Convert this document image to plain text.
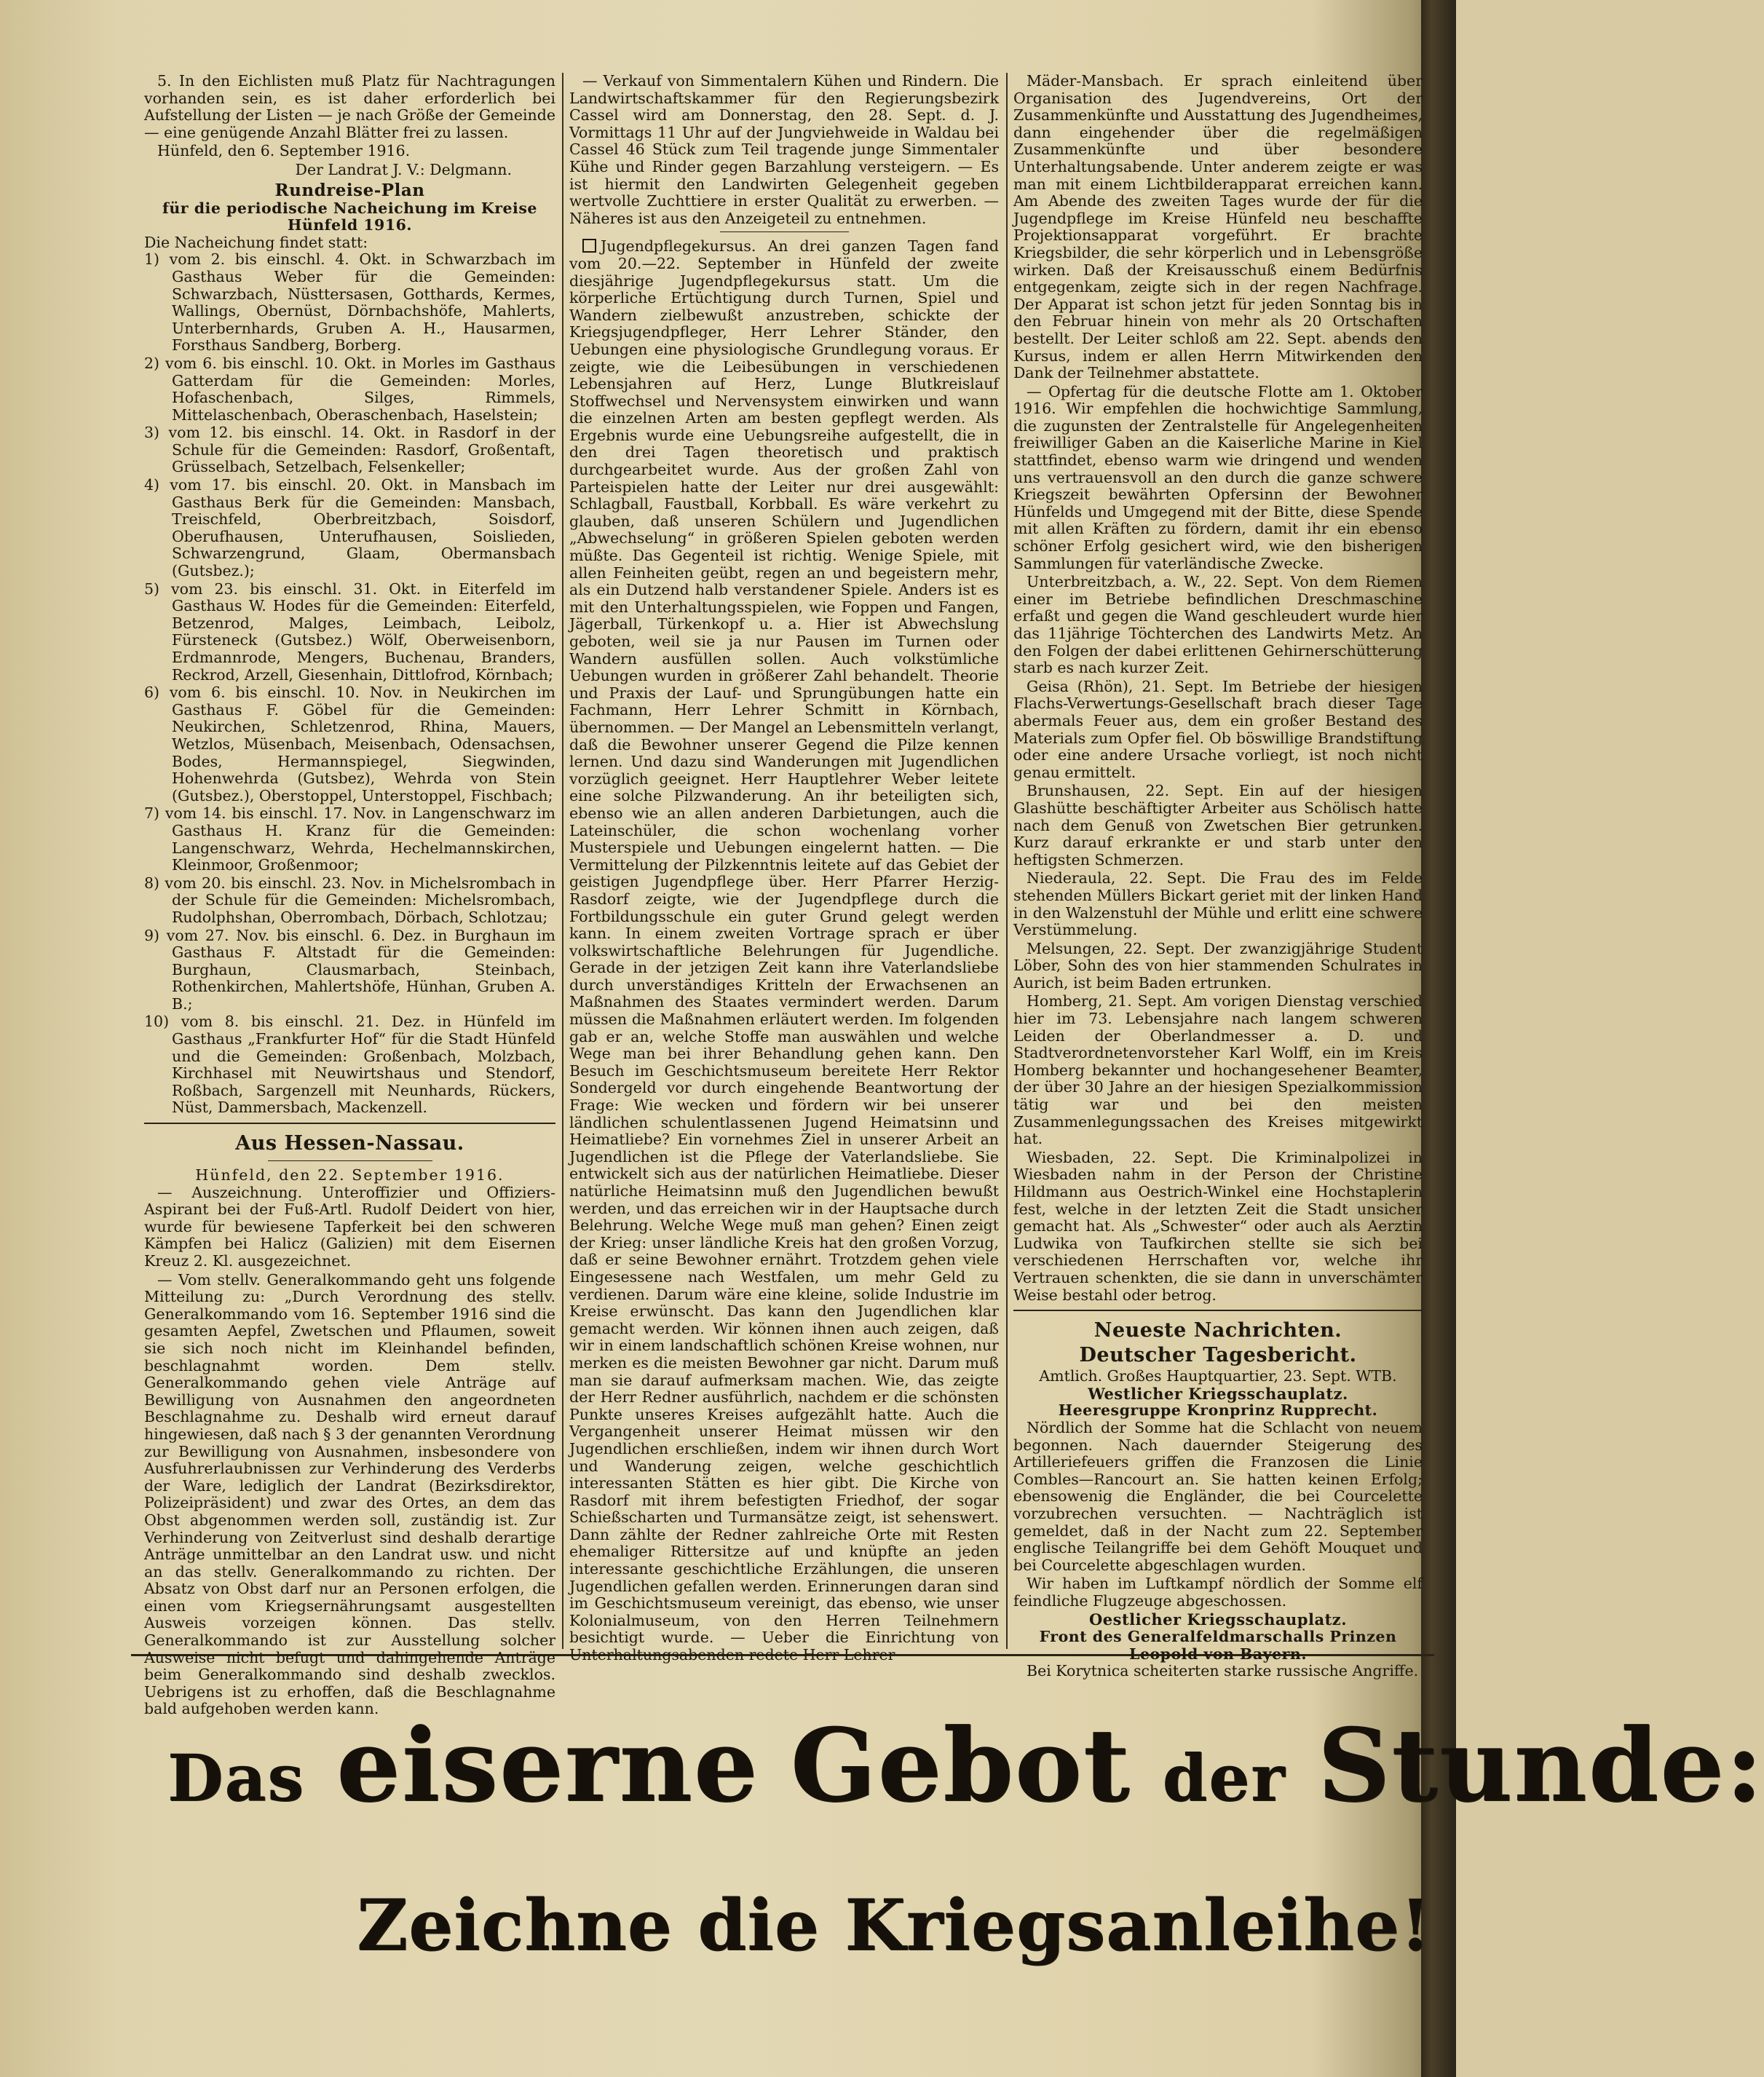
5. In den Eichlisten muß Platz für Nachtragungen vorhanden sein, es ist daher erforderlich bei Aufstellung der Listen — je nach Größe der Gemeinde — eine genügende Anzahl Blätter frei zu lassen.

Hünfeld, den 6. September 1916.

Der Landrat J. V.: Delgmann.

Rundreise-Plan
für die periodische Nacheichung im Kreise Hünfeld 1916.
Die Nacheichung findet statt:
1) vom 2. bis einschl. 4. Okt. in Schwarzbach im Gasthaus Weber für die Gemeinden: Schwarzbach, Nüsttersasen, Gotthards, Kermes, Wallings, Obernüst, Dörnbachshöfe, Mahlerts, Unterbernhards, Gruben A. H., Hausarmen, Forsthaus Sandberg, Borberg.
2) vom 6. bis einschl. 10. Okt. in Morles im Gasthaus Gatterdam für die Gemeinden: Morles, Hofaschenbach, Silges, Rimmels, Mittelaschenbach, Oberaschenbach, Haselstein;
3) vom 12. bis einschl. 14. Okt. in Rasdorf in der Schule für die Gemeinden: Rasdorf, Großentaft, Grüsselbach, Setzelbach, Felsenkeller;
4) vom 17. bis einschl. 20. Okt. in Mansbach im Gasthaus Berk für die Gemeinden: Mansbach, Treischfeld, Oberbreitzbach, Soisdorf, Oberufhausen, Unterufhausen, Soislieden, Schwarzengrund, Glaam, Obermansbach (Gutsbez.);
5) vom 23. bis einschl. 31. Okt. in Eiterfeld im Gasthaus W. Hodes für die Gemeinden: Eiterfeld, Betzenrod, Malges, Leimbach, Leibolz, Fürsteneck (Gutsbez.) Wölf, Oberweisenborn, Erdmannrode, Mengers, Buchenau, Branders, Reckrod, Arzell, Giesenhain, Dittlofrod, Körnbach;
6) vom 6. bis einschl. 10. Nov. in Neukirchen im Gasthaus F. Göbel für die Gemeinden: Neukirchen, Schletzenrod, Rhina, Mauers, Wetzlos, Müsenbach, Meisenbach, Odensachsen, Bodes, Hermannspiegel, Siegwinden, Hohenwehrda (Gutsbez), Wehrda von Stein (Gutsbez.), Oberstoppel, Unterstoppel, Fischbach;
7) vom 14. bis einschl. 17. Nov. in Langenschwarz im Gasthaus H. Kranz für die Gemeinden: Langenschwarz, Wehrda, Hechelmannskirchen, Kleinmoor, Großenmoor;
8) vom 20. bis einschl. 23. Nov. in Michelsrombach in der Schule für die Gemeinden: Michelsrombach, Rudolphshan, Oberrombach, Dörbach, Schlotzau;
9) vom 27. Nov. bis einschl. 6. Dez. in Burghaun im Gasthaus F. Altstadt für die Gemeinden: Burghaun, Clausmarbach, Steinbach, Rothenkirchen, Mahlertshöfe, Hünhan, Gruben A. B.;
10) vom 8. bis einschl. 21. Dez. in Hünfeld im Gasthaus „Frankfurter Hof“ für die Stadt Hünfeld und die Gemeinden: Großenbach, Molzbach, Kirchhasel mit Neuwirtshaus und Stendorf, Roßbach, Sargenzell mit Neunhards, Rückers, Nüst, Dammersbach, Mackenzell.
Aus Hessen-Nassau.
Hünfeld, den 22. September 1916.

— Auszeichnung. Unteroffizier und Offiziers-Aspirant bei der Fuß-Artl. Rudolf Deidert von hier, wurde für bewiesene Tapferkeit bei den schweren Kämpfen bei Halicz (Galizien) mit dem Eisernen Kreuz 2. Kl. ausgezeichnet.

— Vom stellv. Generalkommando geht uns folgende Mitteilung zu: „Durch Verordnung des stellv. Generalkommando vom 16. September 1916 sind die gesamten Aepfel, Zwetschen und Pflaumen, soweit sie sich noch nicht im Kleinhandel befinden, beschlagnahmt worden. Dem stellv. Generalkommando gehen viele Anträge auf Bewilligung von Ausnahmen den angeordneten Beschlagnahme zu. Deshalb wird erneut darauf hingewiesen, daß nach § 3 der genannten Verordnung zur Bewilligung von Ausnahmen, insbesondere von Ausfuhrerlaubnissen zur Verhinderung des Verderbs der Ware, lediglich der Landrat (Bezirksdirektor, Polizeipräsident) und zwar des Ortes, an dem das Obst abgenommen werden soll, zuständig ist. Zur Verhinderung von Zeitverlust sind deshalb derartige Anträge unmittelbar an den Landrat usw. und nicht an das stellv. Generalkommando zu richten. Der Absatz von Obst darf nur an Personen erfolgen, die einen vom Kriegsernährungsamt ausgestellten Ausweis vorzeigen können. Das stellv. Generalkommando ist zur Ausstellung solcher Ausweise nicht befugt und dahingehende Anträge beim Generalkommando sind deshalb zwecklos. Uebrigens ist zu erhoffen, daß die Beschlagnahme bald aufgehoben werden kann.

— Verkauf von Simmentalern Kühen und Rindern. Die Landwirtschaftskammer für den Regierungsbezirk Cassel wird am Donnerstag, den 28. Sept. d. J. Vormittags 11 Uhr auf der Jungviehweide in Waldau bei Cassel 46 Stück zum Teil tragende junge Simmentaler Kühe und Rinder gegen Barzahlung versteigern. — Es ist hiermit den Landwirten Gelegenheit gegeben wertvolle Zuchttiere in erster Qualität zu erwerben. — Näheres ist aus den Anzeigeteil zu entnehmen.

Jugendpflegekursus. An drei ganzen Tagen fand vom 20.—22. September in Hünfeld der zweite diesjährige Jugendpflegekursus statt. Um die körperliche Ertüchtigung durch Turnen, Spiel und Wandern zielbewußt anzustreben, schickte der Kriegsjugendpfleger, Herr Lehrer Ständer, den Uebungen eine physiologische Grundlegung voraus. Er zeigte, wie die Leibesübungen in verschiedenen Lebensjahren auf Herz, Lunge Blutkreislauf Stoffwechsel und Nervensystem einwirken und wann die einzelnen Arten am besten gepflegt werden. Als Ergebnis wurde eine Uebungsreihe aufgestellt, die in den drei Tagen theoretisch und praktisch durchgearbeitet wurde. Aus der großen Zahl von Parteispielen hatte der Leiter nur drei ausgewählt: Schlagball, Faustball, Korbball. Es wäre verkehrt zu glauben, daß unseren Schülern und Jugendlichen „Abwechselung“ in größeren Spielen geboten werden müßte. Das Gegenteil ist richtig. Wenige Spiele, mit allen Feinheiten geübt, regen an und begeistern mehr, als ein Dutzend halb verstandener Spiele. Anders ist es mit den Unterhaltungsspielen, wie Foppen und Fangen, Jägerball, Türkenkopf u. a. Hier ist Abwechslung geboten, weil sie ja nur Pausen im Turnen oder Wandern ausfüllen sollen. Auch volkstümliche Uebungen wurden in größerer Zahl behandelt. Theorie und Praxis der Lauf- und Sprungübungen hatte ein Fachmann, Herr Lehrer Schmitt in Körnbach, übernommen. — Der Mangel an Lebensmitteln verlangt, daß die Bewohner unserer Gegend die Pilze kennen lernen. Und dazu sind Wanderungen mit Jugendlichen vorzüglich geeignet. Herr Hauptlehrer Weber leitete eine solche Pilzwanderung. An ihr beteiligten sich, ebenso wie an allen anderen Darbietungen, auch die Lateinschüler, die schon wochenlang vorher Musterspiele und Uebungen eingelernt hatten. — Die Vermittelung der Pilzkenntnis leitete auf das Gebiet der geistigen Jugendpflege über. Herr Pfarrer Herzig-Rasdorf zeigte, wie der Jugendpflege durch die Fortbildungsschule ein guter Grund gelegt werden kann. In einem zweiten Vortrage sprach er über volkswirtschaftliche Belehrungen für Jugendliche. Gerade in der jetzigen Zeit kann ihre Vaterlandsliebe durch unverständiges Kritteln der Erwachsenen an Maßnahmen des Staates vermindert werden. Darum müssen die Maßnahmen erläutert werden. Im folgenden gab er an, welche Stoffe man auswählen und welche Wege man bei ihrer Behandlung gehen kann. Den Besuch im Geschichtsmuseum bereitete Herr Rektor Sondergeld vor durch eingehende Beantwortung der Frage: Wie wecken und fördern wir bei unserer ländlichen schulentlassenen Jugend Heimatsinn und Heimatliebe? Ein vornehmes Ziel in unserer Arbeit an Jugendlichen ist die Pflege der Vaterlandsliebe. Sie entwickelt sich aus der natürlichen Heimatliebe. Dieser natürliche Heimatsinn muß den Jugendlichen bewußt werden, und das erreichen wir in der Hauptsache durch Belehrung. Welche Wege muß man gehen? Einen zeigt der Krieg: unser ländliche Kreis hat den großen Vorzug, daß er seine Bewohner ernährt. Trotzdem gehen viele Eingesessene nach Westfalen, um mehr Geld zu verdienen. Darum wäre eine kleine, solide Industrie im Kreise erwünscht. Das kann den Jugendlichen klar gemacht werden. Wir können ihnen auch zeigen, daß wir in einem landschaftlich schönen Kreise wohnen, nur merken es die meisten Bewohner gar nicht. Darum muß man sie darauf aufmerksam machen. Wie, das zeigte der Herr Redner ausführlich, nachdem er die schönsten Punkte unseres Kreises aufgezählt hatte. Auch die Vergangenheit unserer Heimat müssen wir den Jugendlichen erschließen, indem wir ihnen durch Wort und Wanderung zeigen, welche geschichtlich interessanten Stätten es hier gibt. Die Kirche von Rasdorf mit ihrem befestigten Friedhof, der sogar Schießscharten und Turmansätze zeigt, ist sehenswert. Dann zählte der Redner zahlreiche Orte mit Resten ehemaliger Rittersitze auf und knüpfte an jeden interessante geschichtliche Erzählungen, die unseren Jugendlichen gefallen werden. Erinnerungen daran sind im Geschichtsmuseum vereinigt, das ebenso, wie unser Kolonialmuseum, von den Herren Teilnehmern besichtigt wurde. — Ueber die Einrichtung von Unterhaltungsabenden redete Herr Lehrer

Mäder-Mansbach. Er sprach einleitend über Organisation des Jugendvereins, Ort der Zusammenkünfte und Ausstattung des Jugendheimes, dann eingehender über die regelmäßigen Zusammenkünfte und über besondere Unterhaltungsabende. Unter anderem zeigte er was man mit einem Lichtbilderapparat erreichen kann. Am Abende des zweiten Tages wurde der für die Jugendpflege im Kreise Hünfeld neu beschaffte Projektionsapparat vorgeführt. Er brachte Kriegsbilder, die sehr körperlich und in Lebensgröße wirken. Daß der Kreisausschuß einem Bedürfnis entgegenkam, zeigte sich in der regen Nachfrage. Der Apparat ist schon jetzt für jeden Sonntag bis in den Februar hinein von mehr als 20 Ortschaften bestellt. Der Leiter schloß am 22. Sept. abends den Kursus, indem er allen Herrn Mitwirkenden den Dank der Teilnehmer abstattete.

— Opfertag für die deutsche Flotte am 1. Oktober 1916. Wir empfehlen die hochwichtige Sammlung, die zugunsten der Zentralstelle für Angelegenheiten freiwilliger Gaben an die Kaiserliche Marine in Kiel stattfindet, ebenso warm wie dringend und wenden uns vertrauensvoll an den durch die ganze schwere Kriegszeit bewährten Opfersinn der Bewohner Hünfelds und Umgegend mit der Bitte, diese Spende mit allen Kräften zu fördern, damit ihr ein ebenso schöner Erfolg gesichert wird, wie den bisherigen Sammlungen für vaterländische Zwecke.

Unterbreitzbach, a. W., 22. Sept. Von dem Riemen einer im Betriebe befindlichen Dreschmaschine erfaßt und gegen die Wand geschleudert wurde hier das 11jährige Töchterchen des Landwirts Metz. An den Folgen der dabei erlittenen Gehirnerschütterung starb es nach kurzer Zeit.

Geisa (Rhön), 21. Sept. Im Betriebe der hiesigen Flachs-Verwertungs-Gesellschaft brach dieser Tage abermals Feuer aus, dem ein großer Bestand des Materials zum Opfer fiel. Ob böswillige Brandstiftung oder eine andere Ursache vorliegt, ist noch nicht genau ermittelt.

Brunshausen, 22. Sept. Ein auf der hiesigen Glashütte beschäftigter Arbeiter aus Schölisch hatte nach dem Genuß von Zwetschen Bier getrunken. Kurz darauf erkrankte er und starb unter den heftigsten Schmerzen.

Niederaula, 22. Sept. Die Frau des im Felde stehenden Müllers Bickart geriet mit der linken Hand in den Walzenstuhl der Mühle und erlitt eine schwere Verstümmelung.

Melsungen, 22. Sept. Der zwanzigjährige Student Löber, Sohn des von hier stammenden Schulrates in Aurich, ist beim Baden ertrunken.

Homberg, 21. Sept. Am vorigen Dienstag verschied hier im 73. Lebensjahre nach langem schweren Leiden der Oberlandmesser a. D. und Stadtverordnetenvorsteher Karl Wolff, ein im Kreis Homberg bekannter und hochangesehener Beamter, der über 30 Jahre an der hiesigen Spezialkommission tätig war und bei den meisten Zusammenlegungssachen des Kreises mitgewirkt hat.

Wiesbaden, 22. Sept. Die Kriminalpolizei in Wiesbaden nahm in der Person der Christine Hildmann aus Oestrich-Winkel eine Hochstaplerin fest, welche in der letzten Zeit die Stadt unsicher gemacht hat. Als „Schwester“ oder auch als Aerztin Ludwika von Taufkirchen stellte sie sich bei verschiedenen Herrschaften vor, welche ihr Vertrauen schenkten, die sie dann in unverschämter Weise bestahl oder betrog.

Neueste Nachrichten.
Deutscher Tagesbericht.
Amtlich. Großes Hauptquartier, 23. Sept. WTB.
Westlicher Kriegsschauplatz.
Heeresgruppe Kronprinz Rupprecht.

Nördlich der Somme hat die Schlacht von neuem begonnen. Nach dauernder Steigerung des Artilleriefeuers griffen die Franzosen die Linie Combles—Rancourt an. Sie hatten keinen Erfolg; ebensowenig die Engländer, die bei Courcelette vorzubrechen versuchten. — Nachträglich ist gemeldet, daß in der Nacht zum 22. September englische Teilangriffe bei dem Gehöft Mouquet und bei Courcelette abgeschlagen wurden.

Wir haben im Luftkampf nördlich der Somme elf feindliche Flugzeuge abgeschossen.

Oestlicher Kriegsschauplatz.
Front des Generalfeldmarschalls Prinzen Leopold von Bayern.

Bei Korytnica scheiterten starke russische Angriffe.

Das eiserne Gebot der Stunde:
Zeichne die Kriegsanleihe!
